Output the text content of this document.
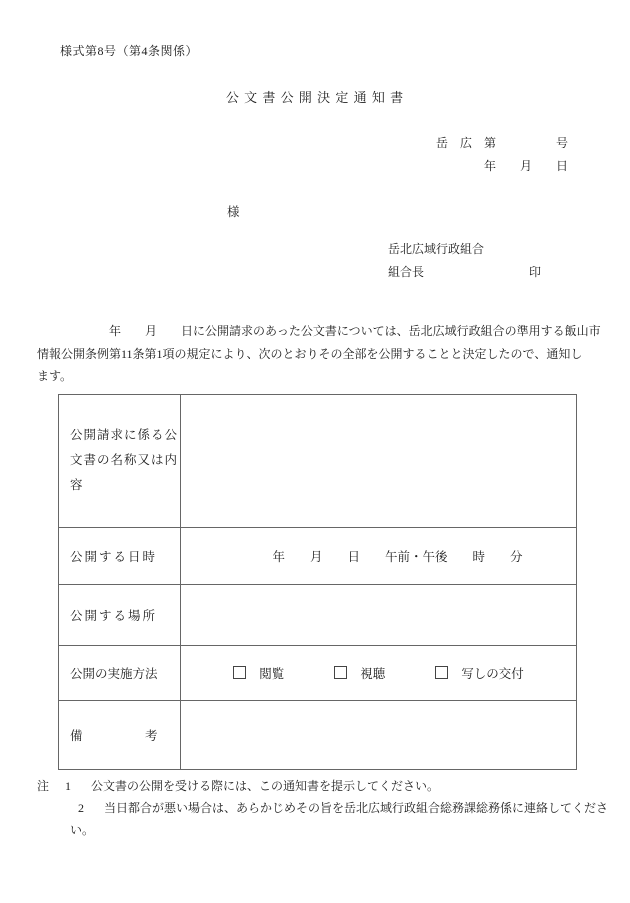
様式第8号（第4条関係）
公 文 書 公 開 決 定 通 知 書
岳　広　第　　　　　号
年　　月　　日
様
岳北広域行政組合
組合長	印
　　　　　　年　　月　　日に公開請求のあった公文書については、岳北広域行政組合の準用する飯山市
情報公開条例第11条第1項の規定により、次のとおりその全部を公開することと決定したので、通知し
ます。
公開請求に係る公文書の名称又は内容	
公開する日時	年　　月　　日　　午前・午後　　時　　分
公開する場所	
公開の実施方法	閲覧 視聴 写しの交付

備　　　　　考	
注 1 公文書の公開を受ける際には、この通知書を提示してください。
2 当日都合が悪い場合は、あらかじめその旨を岳北広域行政組合総務課総務係に連絡してくださ
い。
